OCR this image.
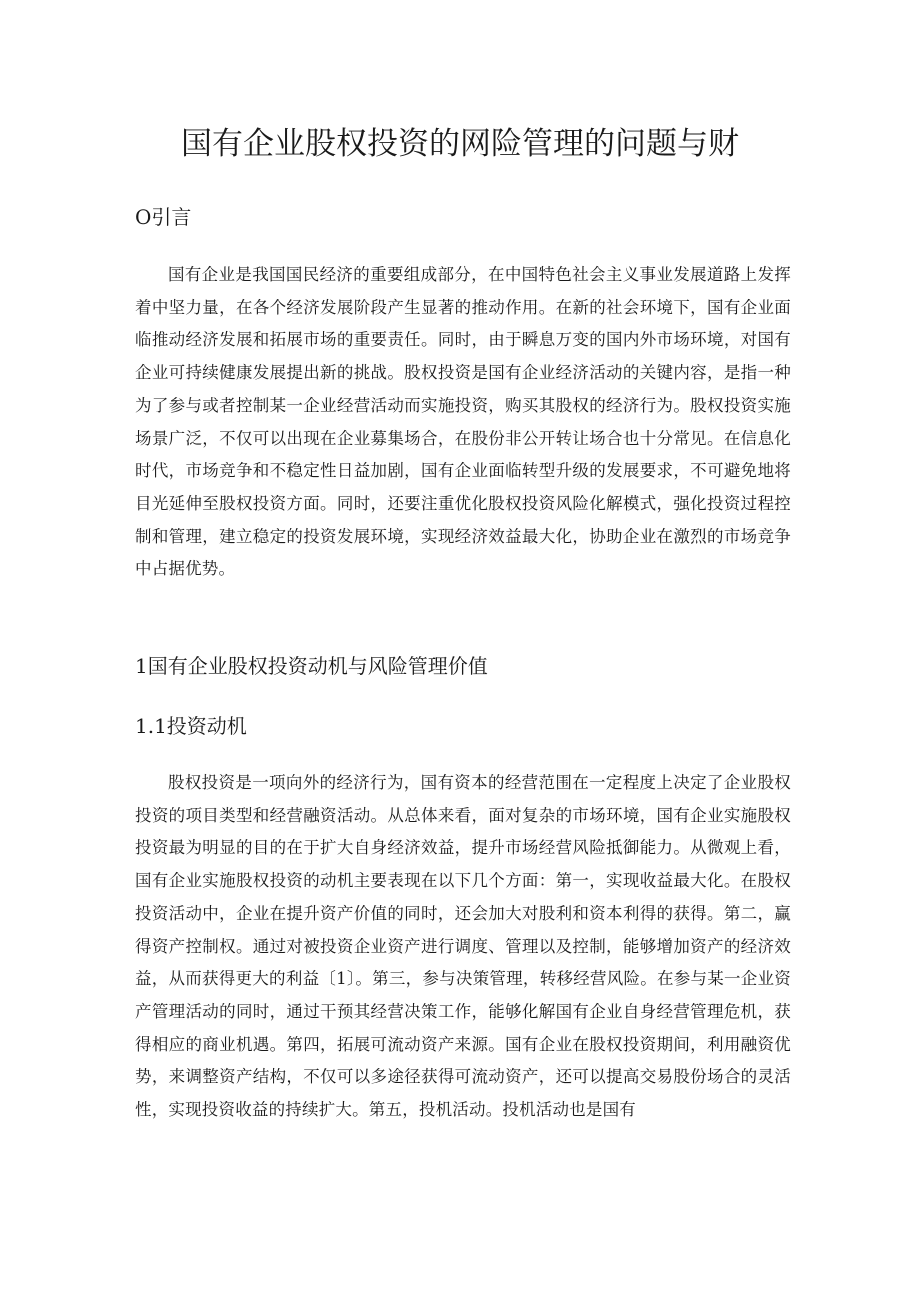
国有企业股权投资的网险管理的问题与财
O引言

国有企业是我国国民经济的重要组成部分，在中国特色社会主义事业发展道路上发挥着中坚力量，在各个经济发展阶段产生显著的推动作用。在新的社会环境下，国有企业面临推动经济发展和拓展市场的重要责任。同时，由于瞬息万变的国内外市场环境，对国有企业可持续健康发展提出新的挑战。股权投资是国有企业经济活动的关键内容，是指一种为了参与或者控制某一企业经营活动而实施投资，购买其股权的经济行为。股权投资实施场景广泛，不仅可以出现在企业募集场合，在股份非公开转让场合也十分常见。在信息化时代，市场竞争和不稳定性日益加剧，国有企业面临转型升级的发展要求，不可避免地将目光延伸至股权投资方面。同时，还要注重优化股权投资风险化解模式，强化投资过程控制和管理，建立稳定的投资发展环境，实现经济效益最大化，协助企业在激烈的市场竞争中占据优势。

1国有企业股权投资动机与风险管理价值
1.1投资动机

股权投资是一项向外的经济行为，国有资本的经营范围在一定程度上决定了企业股权投资的项目类型和经营融资活动。从总体来看，面对复杂的市场环境，国有企业实施股权投资最为明显的目的在于扩大自身经济效益，提升市场经营风险抵御能力。从微观上看，国有企业实施股权投资的动机主要表现在以下几个方面：第一，实现收益最大化。在股权投资活动中，企业在提升资产价值的同时，还会加大对股利和资本利得的获得。第二，赢得资产控制权。通过对被投资企业资产进行调度、管理以及控制，能够增加资产的经济效益，从而获得更大的利益〔1〕。第三，参与决策管理，转移经营风险。在参与某一企业资产管理活动的同时，通过干预其经营决策工作，能够化解国有企业自身经营管理危机，获得相应的商业机遇。第四，拓展可流动资产来源。国有企业在股权投资期间，利用融资优势，来调整资产结构，不仅可以多途径获得可流动资产，还可以提高交易股份场合的灵活性，实现投资收益的持续扩大。第五，投机活动。投机活动也是国有
